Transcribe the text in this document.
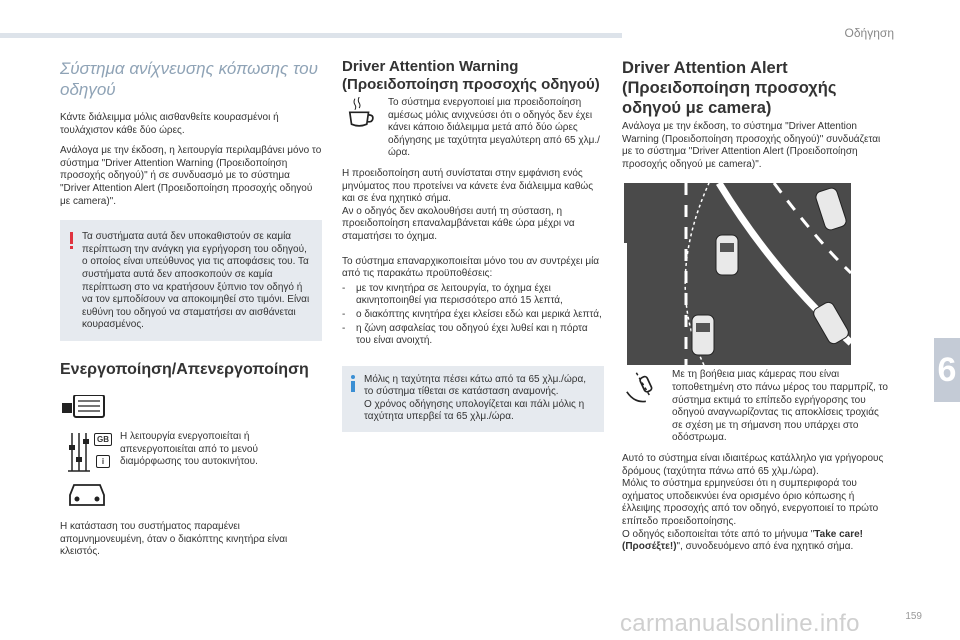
Οδήγηση
6
Σύστημα ανίχνευσης κόπωσης του οδηγού

Κάντε διάλειμμα μόλις αισθανθείτε κουρασμένοι ή τουλάχιστον κάθε δύο ώρες.

Ανάλογα με την έκδοση, η λειτουργία περιλαμβάνει μόνο το σύστημα "Driver Attention Warning (Προειδοποίηση προσοχής οδηγού)" ή σε συνδυασμό με το σύστημα "Driver Attention Alert (Προειδοποίηση προσοχής οδηγού με camera)".

Τα συστήματα αυτά δεν υποκαθιστούν σε καμία περίπτωση την ανάγκη για εγρήγορση του οδηγού, ο οποίος είναι υπεύθυνος για τις αποφάσεις του. Τα συστήματα αυτά δεν αποσκοπούν σε καμία περίπτωση στο να κρατήσουν ξύπνιο τον οδηγό ή να τον εμποδίσουν να αποκοιμηθεί στο τιμόνι. Είναι ευθύνη του οδηγού να σταματήσει αν αισθάνεται κουρασμένος.
Ενεργοποίηση/Απενεργοποίηση
GB
i
Η λειτουργία ενεργοποιείται ή απενεργοποιείται από το μενού διαμόρφωσης του αυτοκινήτου.

Η κατάσταση του συστήματος παραμένει απομνημονευμένη, όταν ο διακόπτης κινητήρα είναι κλειστός.

Driver Attention Warning (Προειδοποίηση προσοχής οδηγού)
Το σύστημα ενεργοποιεί μια προειδοποίηση αμέσως μόλις ανιχνεύσει ότι ο οδηγός δεν έχει κάνει κάποιο διάλειμμα μετά από δύο ώρες οδήγησης με ταχύτητα μεγαλύτερη από 65 χλμ./ώρα.

Η προειδοποίηση αυτή συνίσταται στην εμφάνιση ενός μηνύματος που προτείνει να κάνετε ένα διάλειμμα καθώς και σε ένα ηχητικό σήμα.

Αν ο οδηγός δεν ακολουθήσει αυτή τη σύσταση, η προειδοποίηση επαναλαμβάνεται κάθε ώρα μέχρι να σταματήσει το όχημα.

Το σύστημα επαναρχικοποιείται μόνο του αν συντρέχει μία από τις παρακάτω προϋποθέσεις:

- με τον κινητήρα σε λειτουργία, το όχημα έχει ακινητοποιηθεί για περισσότερο από 15 λεπτά,
- ο διακόπτης κινητήρα έχει κλείσει εδώ και μερικά λεπτά,
- η ζώνη ασφαλείας του οδηγού έχει λυθεί και η πόρτα του είναι ανοιχτή.
Μόλις η ταχύτητα πέσει κάτω από τα 65 χλμ./ώρα, το σύστημα τίθεται σε κατάσταση αναμονής.
Ο χρόνος οδήγησης υπολογίζεται και πάλι μόλις η ταχύτητα υπερβεί τα 65 χλμ./ώρα.
Driver Attention Alert (Προειδοποίηση προσοχής οδηγού με camera)

Ανάλογα με την έκδοση, το σύστημα "Driver Attention Warning (Προειδοποίηση προσοχής οδηγού)" συνδυάζεται με το σύστημα "Driver Attention Alert (Προειδοποίηση προσοχής οδηγού με camera)".

Με τη βοήθεια μιας κάμερας που είναι τοποθετημένη στο πάνω μέρος του παρμπρίζ, το σύστημα εκτιμά το επίπεδο εγρήγορσης του οδηγού αναγνωρίζοντας τις αποκλίσεις τροχιάς σε σχέση με τη σήμανση που υπάρχει στο οδόστρωμα.

Αυτό το σύστημα είναι ιδιαιτέρως κατάλληλο για γρήγορους δρόμους (ταχύτητα πάνω από 65 χλμ./ώρα).

Μόλις το σύστημα ερμηνεύσει ότι η συμπεριφορά του οχήματος υποδεικνύει ένα ορισμένο όριο κόπωσης ή έλλειψης προσοχής από τον οδηγό, ενεργοποιεί το πρώτο επίπεδο προειδοποίησης.

Ο οδηγός ειδοποιείται τότε από το μήνυμα "Take care! (Προσέξτε!)", συνοδευόμενο από ένα ηχητικό σήμα.

carmanualsonline.info	159
